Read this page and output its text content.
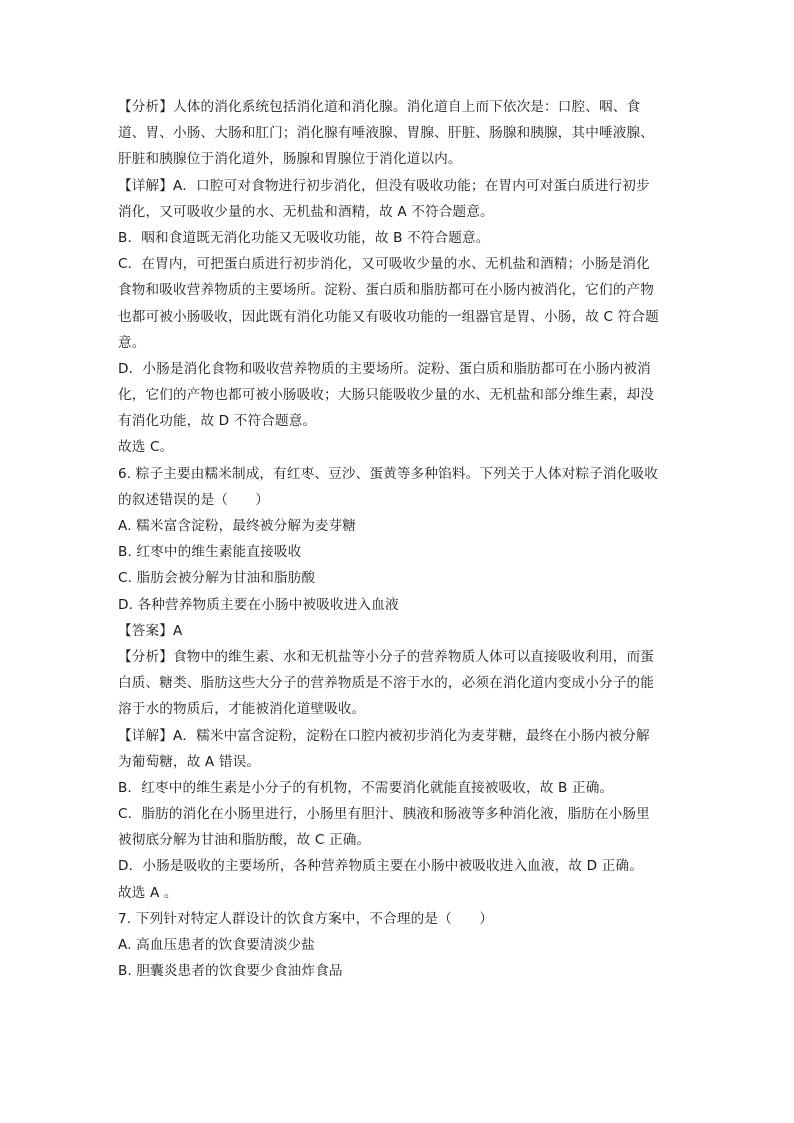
【分析】人体的消化系统包括消化道和消化腺。消化道自上而下依次是：口腔、咽、食
道、胃、小肠、大肠和肛门；消化腺有唾液腺、胃腺、肝脏、肠腺和胰腺，其中唾液腺、
肝脏和胰腺位于消化道外，肠腺和胃腺位于消化道以内。
【详解】A．口腔可对食物进行初步消化，但没有吸收功能；在胃内可对蛋白质进行初步
消化，又可吸收少量的水、无机盐和酒精，故 A 不符合题意。
B．咽和食道既无消化功能又无吸收功能，故 B 不符合题意。
C．在胃内，可把蛋白质进行初步消化，又可吸收少量的水、无机盐和酒精；小肠是消化
食物和吸收营养物质的主要场所。淀粉、蛋白质和脂肪都可在小肠内被消化，它们的产物
也都可被小肠吸收，因此既有消化功能又有吸收功能的一组器官是胃、小肠，故 C 符合题
意。
D．小肠是消化食物和吸收营养物质的主要场所。淀粉、蛋白质和脂肪都可在小肠内被消
化，它们的产物也都可被小肠吸收；大肠只能吸收少量的水、无机盐和部分维生素，却没
有消化功能，故 D 不符合题意。
故选 C。
6. 粽子主要由糯米制成，有红枣、豆沙、蛋黄等多种馅料。下列关于人体对粽子消化吸收
的叙述错误的是（　　）
A. 糯米富含淀粉，最终被分解为麦芽糖
B. 红枣中的维生素能直接吸收
C. 脂肪会被分解为甘油和脂肪酸
D. 各种营养物质主要在小肠中被吸收进入血液
【答案】A
【分析】食物中的维生素、水和无机盐等小分子的营养物质人体可以直接吸收利用，而蛋
白质、糖类、脂肪这些大分子的营养物质是不溶于水的，必须在消化道内变成小分子的能
溶于水的物质后，才能被消化道壁吸收。
【详解】A．糯米中富含淀粉，淀粉在口腔内被初步消化为麦芽糖，最终在小肠内被分解
为葡萄糖，故 A 错误。
B．红枣中的维生素是小分子的有机物，不需要消化就能直接被吸收，故 B 正确。
C．脂肪的消化在小肠里进行，小肠里有胆汁、胰液和肠液等多种消化液，脂肪在小肠里
被彻底分解为甘油和脂肪酸，故 C 正确。
D．小肠是吸收的主要场所，各种营养物质主要在小肠中被吸收进入血液，故 D 正确。
故选 A 。
7. 下列针对特定人群设计的饮食方案中，不合理的是（　　）
A. 高血压患者的饮食要清淡少盐
B. 胆囊炎患者的饮食要少食油炸食品
